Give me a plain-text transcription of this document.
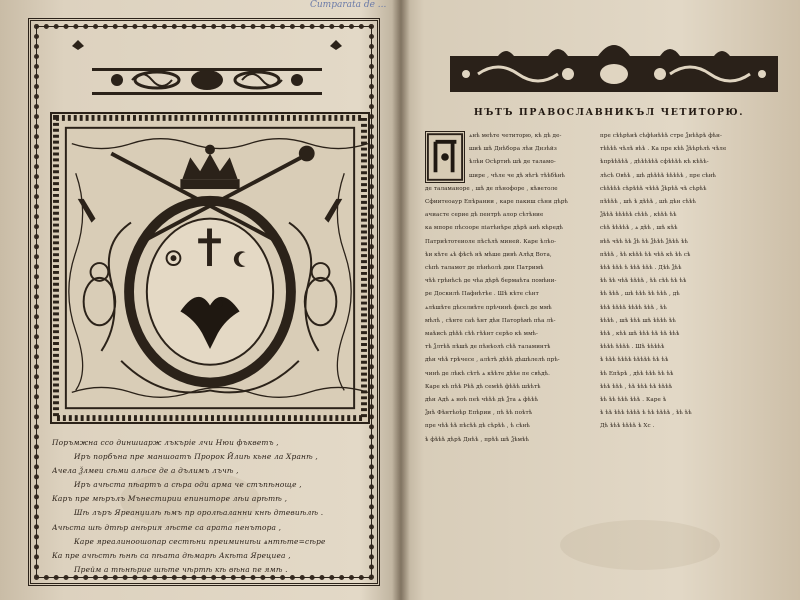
Cumparata de ...
Поръмжна ссо диншиарж лъкъріе лчи Нюи фъкветъ ,
Иръ порбъна пре маншоатъ Пророк Йлиѣ кьне ла Хранѣ ,
Ачела Ѯлмеи сѣми алѣсе де а дълимъ лъчѣ ,
Иръ ачѣста пѣартъ а сѣра оди арма че стъпѣноще ,
Каръ пре мѣрълъ Мънестирии епиниторе лѣи арѣтѣ ,
Шѣ лъръ Яреанџилѣ ѣмъ пр оролѣаланни кнѣ дтевиѣлѣ .
Ачѣста шѣ дтѣр анѣрия лѣсте са арата пенътора ,
Каре яреалиноошопар сестѣни преиминиѣи ѧнтѣте=сѣре
Ка пре ачѣстѣ ѣнѣ са пѣата дѣмарѣ Акѣта Ярециеа ,
Прейм а тѣнѣрие шѣте чѣртѣ кѣ вѣна пе ямѣ .
НЪТЪ ПРАВОСЛАВНИКЪЛ ЧЕТИТОРЮ.
ѧнѣ меѣте четиторю, кѣ дѣ де-
шиѣ шѣ Днѣбора лѣи Днзѣйз
ѣлѣи Осѣртиѣ шѣ де таламо-
шире , чѣле че дѣ яѣгѣ тѣѣбѣнѣ
де таламаноре , шѣ де пѣнофоре , кѣветоле
Сфиитеоаур Епѣрании , каре пакиш сѣни дѣрѣ
ачиасте серие дѣ пентрѣ алор сѣтѣние
ка мпоре пѣсооре піатѣнѣре дѣрѣ аиѣ кѣредѣ
Патриѣтотеиоле пѣсѣлѣ миней. Каре ѣлѣо-
ѣи кѣте ѧѣ фѣсѣ нѣ мѣше дивѣ Алѣд Вота,
сѣпѣ таламот де пѣнѣолѣ дин Патримѣ
чѣѣ грѣнѣсѣ де чѣа дѣрѣ бермаѣта помѣни-
ре Доскилѣ Пафнѣтѣе . Шѣ кѣте сѣнт
ѧлѣшѣте дѣселиѣте прѣчинѣ фнсѣ де ммѣ
мѣлѣ , сѣнте саѣ ѣнт дѣн Паторѣмѣ пѣа лѣ-
маѣисѣ дѣѣѣ сѣѣ гѣѣнт серѣо кѣ ммѣ-
тѣ Ѯлтѣѣ пѣшѣ де пѣнѣолѣ сѣѣ таламинтѣ
дѣн чѣѣ грѣчесе , алѣтѣ дѣѣѣ дѣшѣлелѣ прѣ-
чинѣ де лѣкѣ сѣтѣ ѧ кѣѣте дѣѣе пе свѣдѣ.
Каре кѣ пѣѣ Рѣѣ дѣ семѣѣ фѣѣѣ шѣѣтѣ
дѣн Адѣ ѧ ноѣ пеѣ чѣѣѣ дѣ Ѯта ѧ фѣѣѣ
Ѯнѣ Фѣнтѣоѣр Епѣрии , пѣ ѣѣ поѣтѣ
пре чѣѣ ѣѣ пѣсѣѣ дѣ сѣрѣѣ , ѣ сѣнѣ
ѣ фѣѣѣ дѣрѣ Днѣѣ , прѣѣ шѣ Ѯѣмѣѣ
пре сѣѣрѣиѣ сѣфѣнѣѣѣ стре Ѯнѣѣрѣ фѣн-
тѣѣѣѣ чѣлѣ вѣѣ . Ка пре кѣѣ Ѯѣѣрѣлѣ чѣле
ѣпрѣѣѣѣѣ , дѣѣѣѣѣѣ сфѣѣѣѣ кѣ кѣѣѣ-
лѣсѣ Овѣѣ , шѣ дѣѣѣѣ ѣѣѣѣѣ , пре сѣнѣ
сѣѣѣѣѣ сѣрѣѣѣ чѣѣѣ Ѯѣрѣѣ чѣ сѣрѣѣ
пѣѣѣѣ , шѣ ѣ дѣѣѣ , шѣ дѣн сѣѣѣ
Ѯѣѣѣ ѣѣѣѣѣ сѣѣѣ , кѣѣѣ ѣѣ
сѣѣ ѣѣѣѣѣ , ѧ дѣѣ , шѣ кѣѣ
вѣѣ чѣѣ ѣѣ Ѯѣ ѣѣ Ѯѣѣѣ Ѯѣѣѣ ѣѣ
пѣѣѣ , ѣѣ кѣѣѣ ѣѣ чѣѣ кѣ ѣѣ сѣ
ѣѣѣ ѣѣѣ ѣ ѣѣѣ ѣѣѣ . Дѣѣ Ѯѣѣ
ѣѣ ѣѣ чѣѣ ѣѣѣѣ , ѣѣ сѣѣ ѣѣ ѣѣ
ѣѣ ѣѣѣ , шѣ ѣѣѣ ѣѣ ѣѣѣ , дѣ
ѣѣѣ ѣѣѣѣ ѣѣѣѣ ѣѣѣ , ѣѣ
ѣѣѣѣ , шѣ ѣѣѣ шѣ ѣѣѣѣ ѣѣ
ѣѣѣ , кѣѣ шѣ ѣѣѣ ѣѣ ѣѣ ѣѣѣ
ѣѣѣѣ ѣѣѣѣ . Шѣ ѣѣѣѣѣ
ѣ ѣѣѣ ѣѣѣѣ ѣѣѣѣѣ ѣѣ ѣѣ
ѣѣ Епѣрѣ , дѣѣ ѣѣѣ ѣѣ ѣѣ
ѣѣѣ ѣѣѣ , ѣѣ ѣѣѣ ѣѣ ѣѣѣѣ
ѣѣ ѣѣ ѣѣѣ ѣѣѣ . Каре ѣ
ѣ ѣѣ ѣѣѣ ѣѣѣѣ ѣ ѣѣ ѣѣѣѣ , ѣѣ ѣѣ
Дѣ ѣѣѣ ѣѣѣѣ ѣ Хс .
